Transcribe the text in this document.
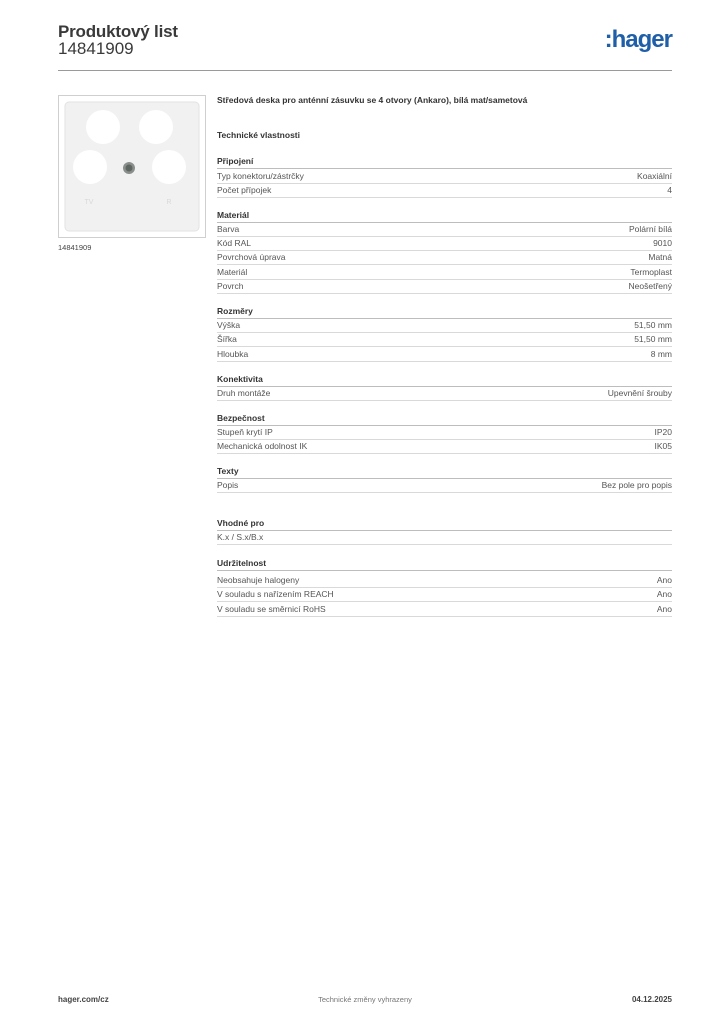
Produktový list
14841909	:hager
TV	R
14841909
Středová deska pro anténní zásuvku se 4 otvory (Ankaro), bílá mat/sametová
Technické vlastnosti
Připojení
Typ konektoru/zástrčky	Koaxiální
Počet přípojek	4
Materiál
Barva	Polární bílá
Kód RAL	9010
Povrchová úprava	Matná
Materiál	Termoplast
Povrch	Neošetřený
Rozměry
Výška	51,50 mm
Šířka	51,50 mm
Hloubka	8 mm
Konektivita
Druh montáže	Upevnění šrouby
Bezpečnost
Stupeň krytí IP	IP20
Mechanická odolnost IK	IK05
Texty
Popis	Bez pole pro popis
Vhodné pro
K.x / S.x/B.x
Udržitelnost
Neobsahuje halogeny	Ano
V souladu s nařízením REACH	Ano
V souladu se směrnicí RoHS	Ano
Technické změny vyhrazeny
hager.com/cz	04.12.2025
